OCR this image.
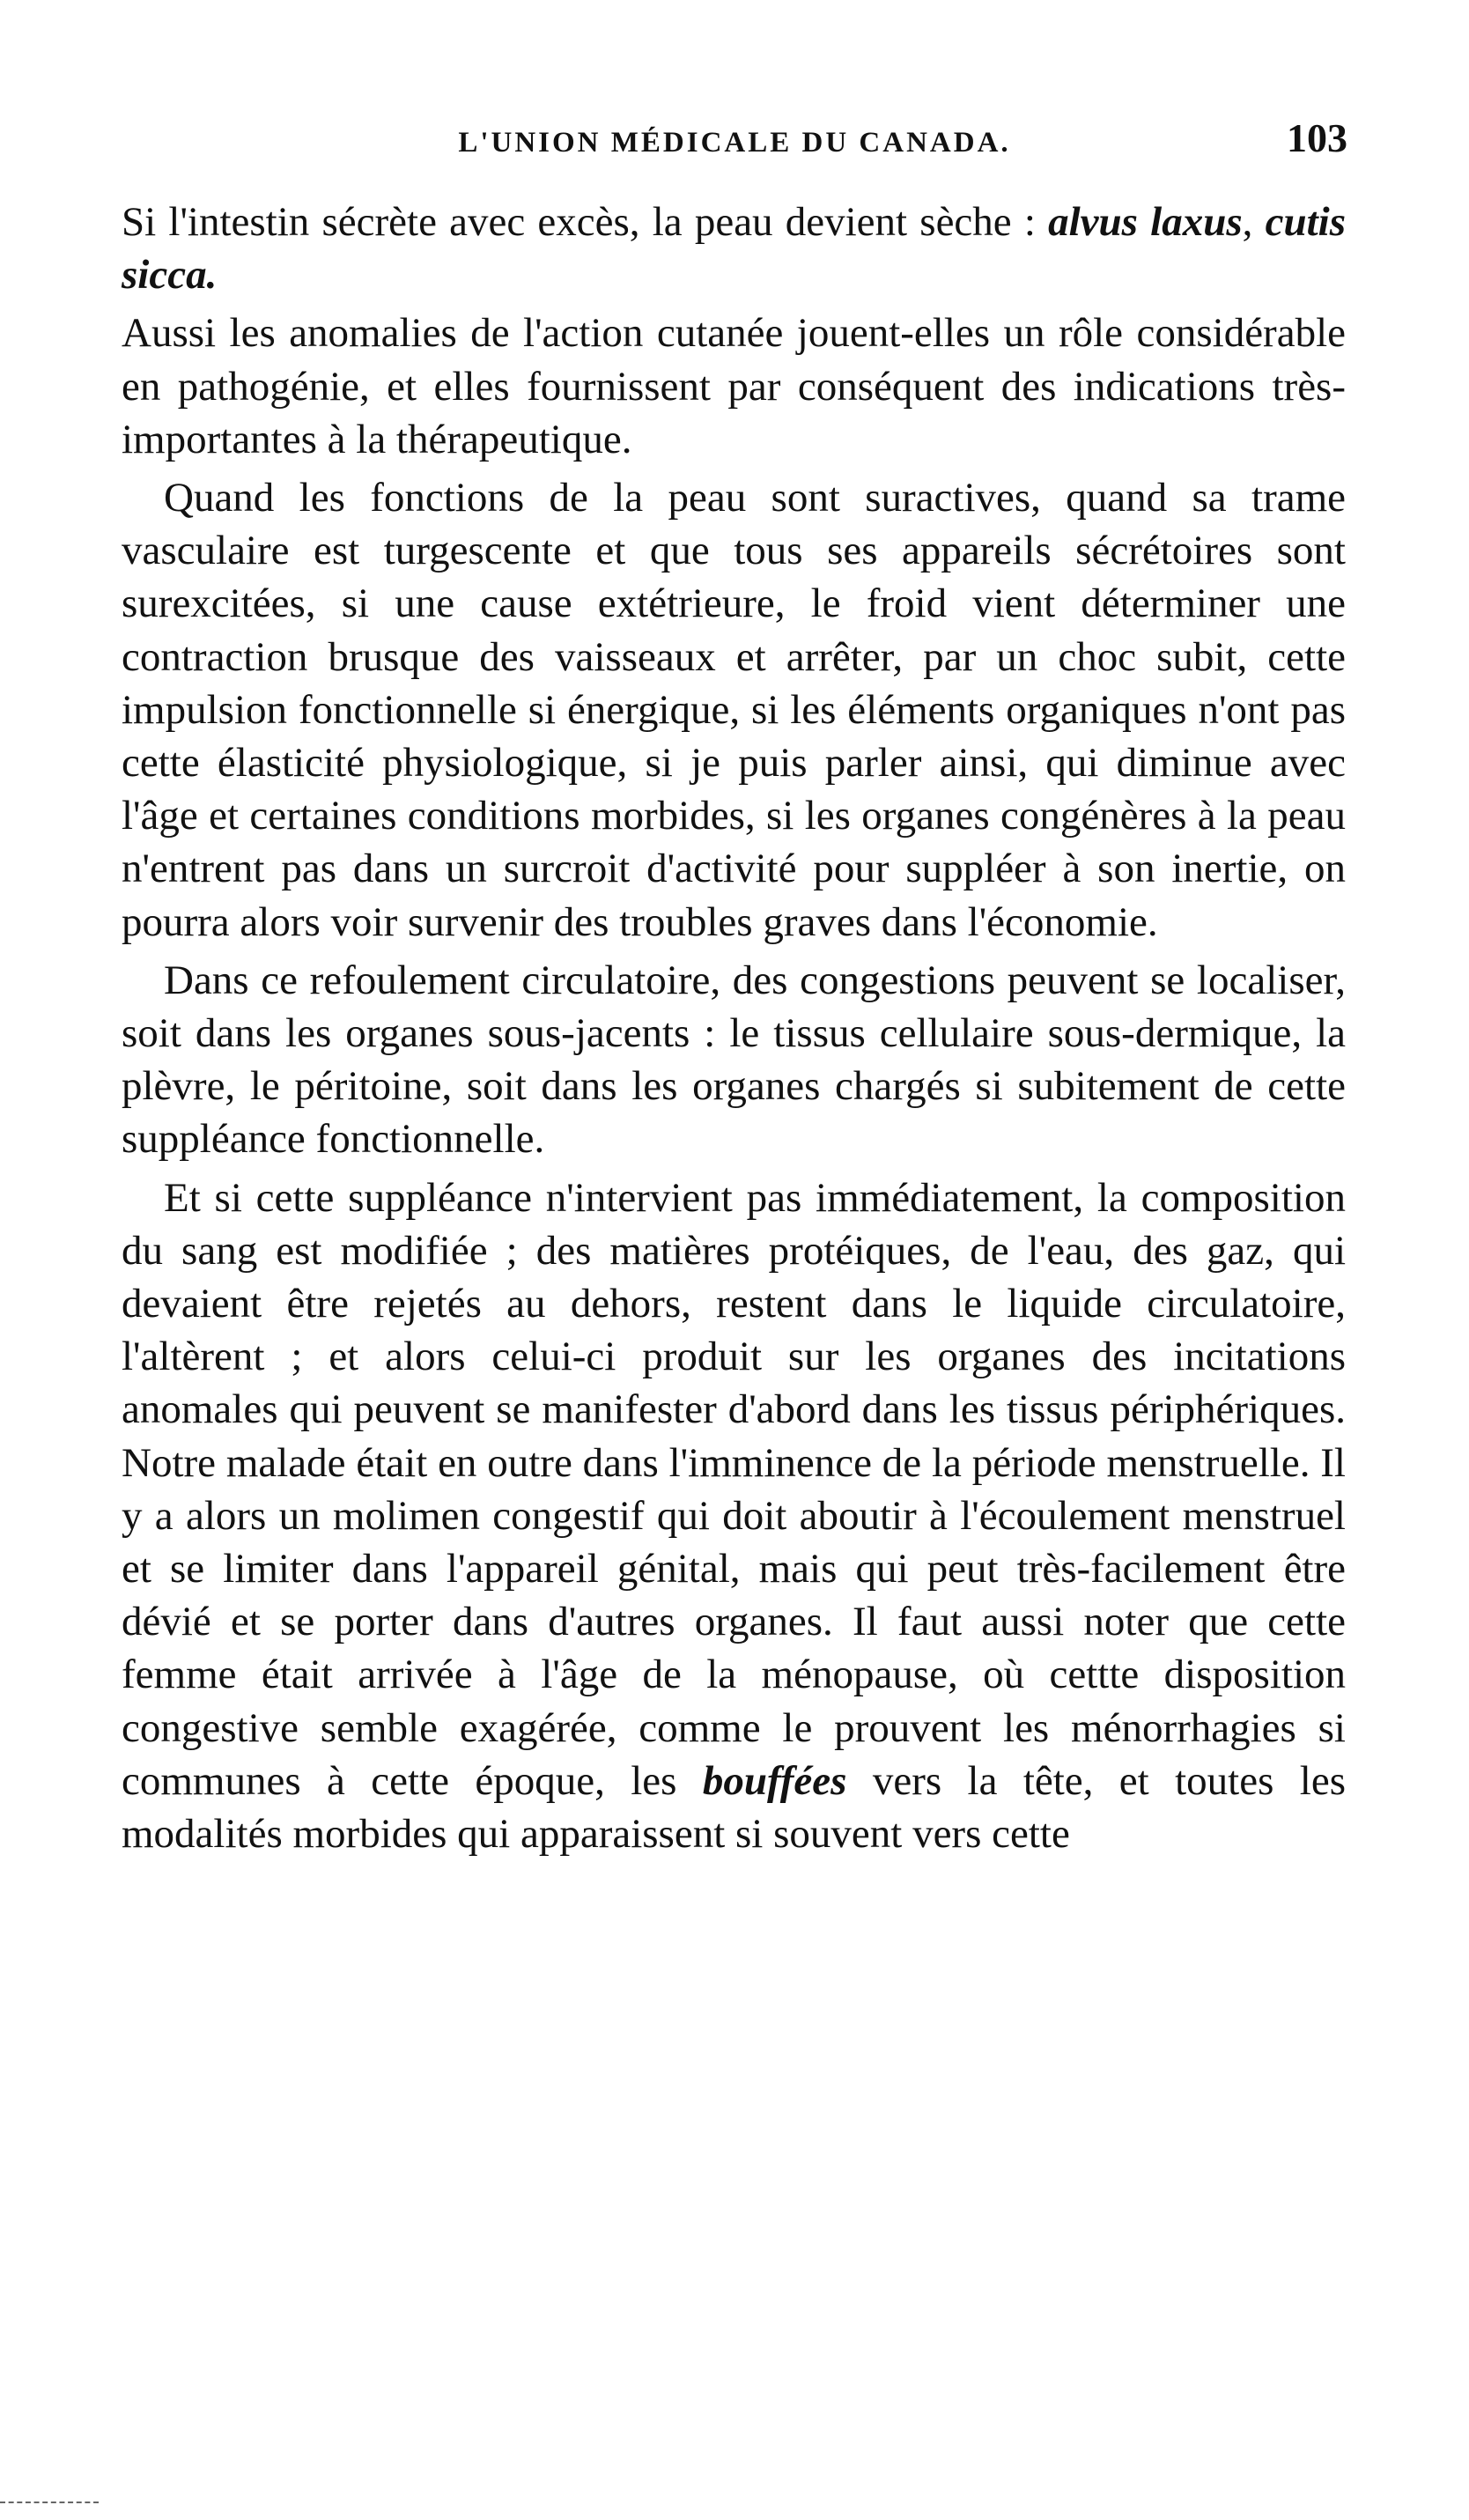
L'UNION MÉDICALE DU CANADA.	103

Si l'intestin sécrète avec excès, la peau devient sèche : alvus laxus, cutis sicca.

Aussi les anomalies de l'action cutanée jouent-elles un rôle considérable en pathogénie, et elles fournissent par conséquent des indications très-importantes à la thérapeutique.

Quand les fonctions de la peau sont suractives, quand sa trame vasculaire est turgescente et que tous ses appareils sécrétoires sont surexcitées, si une cause extétrieure, le froid vient déterminer une contraction brusque des vaisseaux et arrêter, par un choc subit, cette impulsion fonctionnelle si énergique, si les éléments organiques n'ont pas cette élasticité physiologique, si je puis parler ainsi, qui diminue avec l'âge et certaines conditions morbides, si les organes congénères à la peau n'entrent pas dans un surcroit d'activité pour suppléer à son inertie, on pourra alors voir survenir des troubles graves dans l'économie.

Dans ce refoulement circulatoire, des congestions peuvent se localiser, soit dans les organes sous-jacents : le tissus cellulaire sous-dermique, la plèvre, le péritoine, soit dans les organes chargés si subitement de cette suppléance fonctionnelle.

Et si cette suppléance n'intervient pas immédiatement, la composition du sang est modifiée ; des matières protéiques, de l'eau, des gaz, qui devaient être rejetés au dehors, restent dans le liquide circulatoire, l'altèrent ; et alors celui-ci produit sur les organes des incitations anomales qui peuvent se manifester d'abord dans les tissus périphériques. Notre malade était en outre dans l'imminence de la période menstruelle. Il y a alors un molimen congestif qui doit aboutir à l'écoulement menstruel et se limiter dans l'appareil génital, mais qui peut très-facilement être dévié et se porter dans d'autres organes. Il faut aussi noter que cette femme était arrivée à l'âge de la ménopause, où cettte disposition congestive semble exagérée, comme le prouvent les ménorrhagies si communes à cette époque, les bouffées vers la tête, et toutes les modalités morbides qui apparaissent si souvent vers cette
